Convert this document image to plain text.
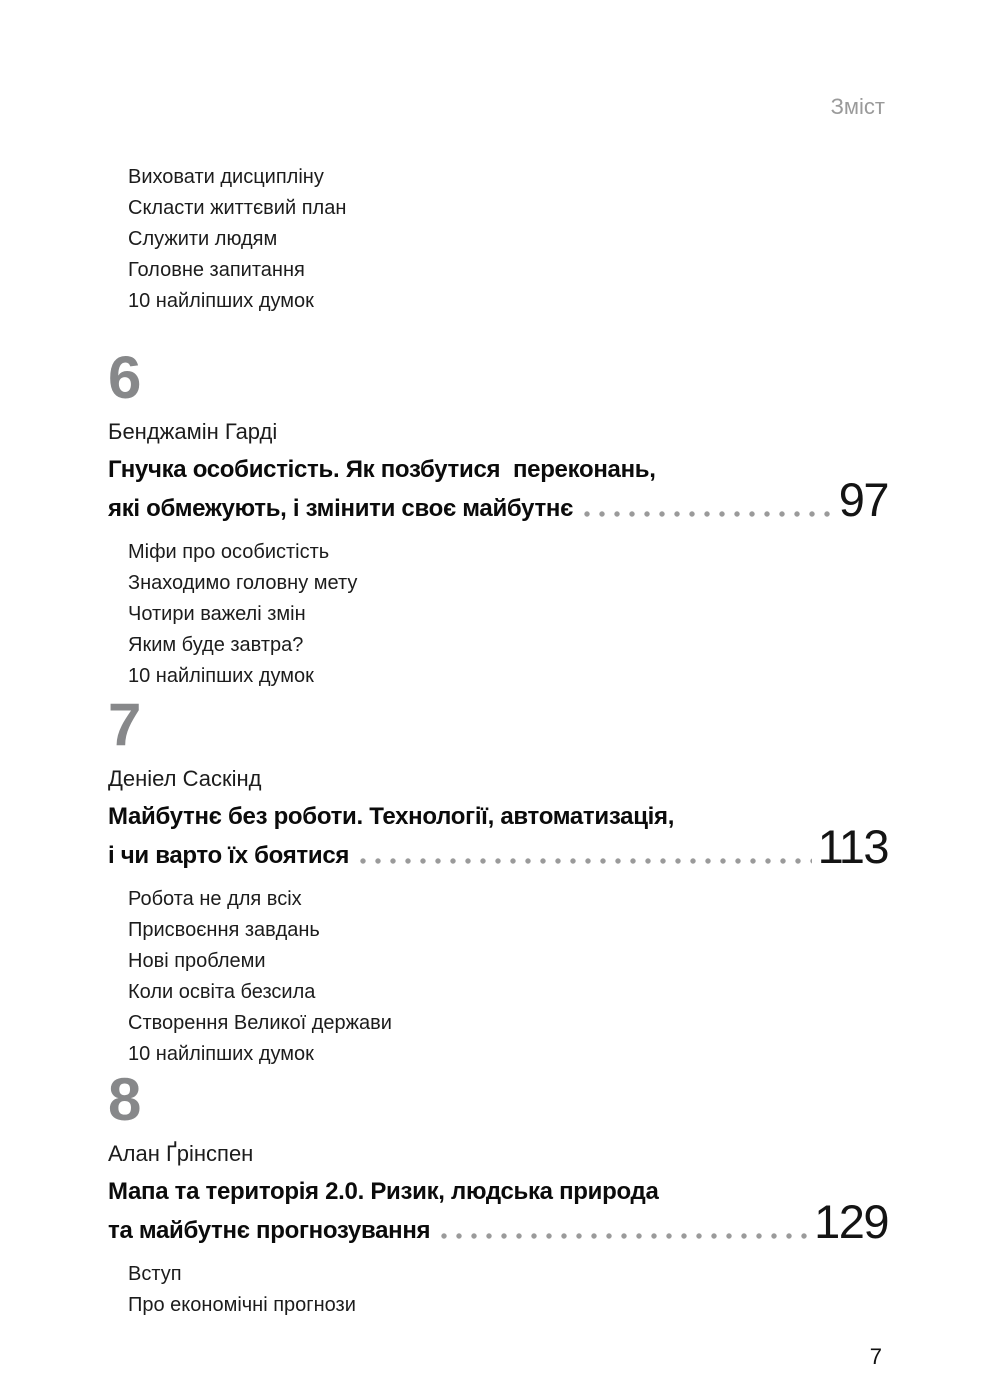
Зміст
Виховати дисципліну
Скласти життєвий план
Служити людям
Головне запитання
10 найліпших думок
6
Бенджамін Гарді
Гнучка особистість. Як позбутися  переконань,
які обмежують, і змінити своє майбутнє	97
Міфи про особистість
Знаходимо головну мету
Чотири важелі змін
Яким буде завтра?
10 найліпших думок
7
Деніел Саскінд
Майбутнє без роботи. Технології, автоматизація,
і чи варто їх боятися	113
Робота не для всіх
Присвоєння завдань
Нові проблеми
Коли освіта безсила
Створення Великої держави
10 найліпших думок
8
Алан Ґрінспен
Мапа та територія 2.0. Ризик, людська природа
та майбутнє прогнозування	129
Вступ
Про економічні прогнози
7
